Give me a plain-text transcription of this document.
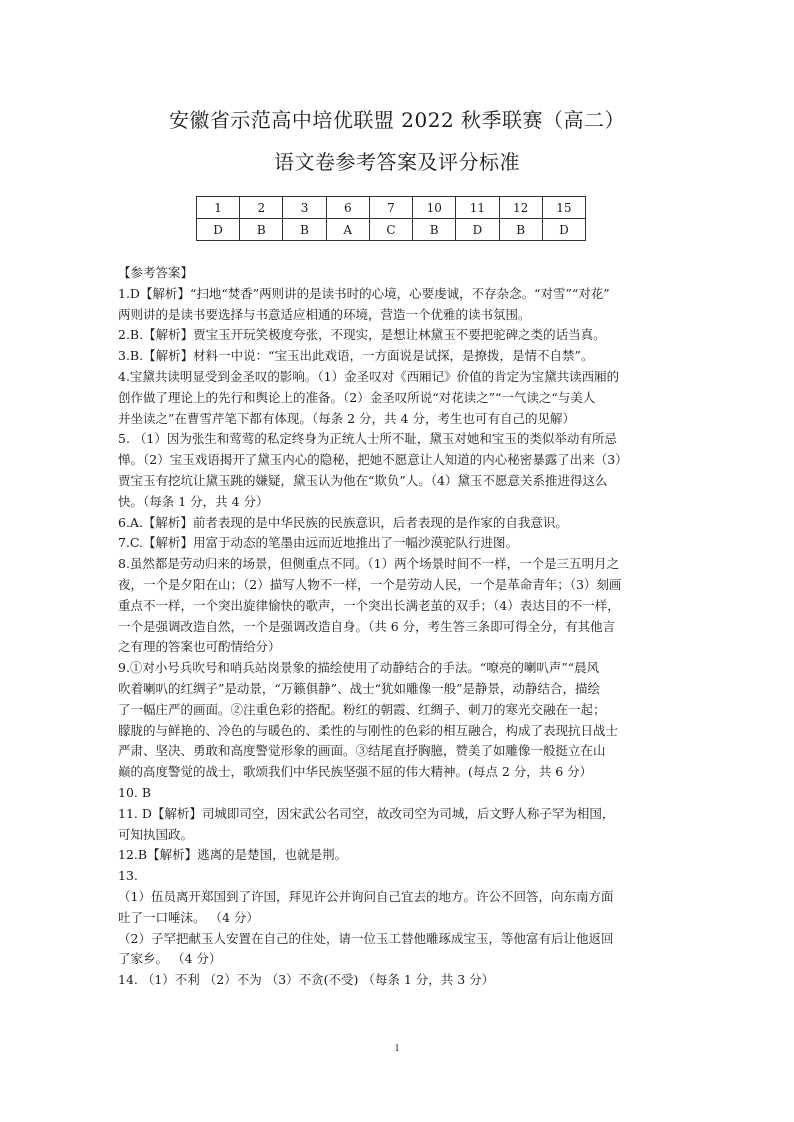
安徽省示范高中培优联盟 2022 秋季联赛（高二）
语文卷参考答案及评分标准
1	2	3	6	7	10	11	12	15
D	B	B	A	C	B	D	B	D

【参考答案】

1.D【解析】“扫地“焚香”两则讲的是读书时的心境，心要虔诚，不存杂念。“对雪”“对花”

两则讲的是读书要选择与书意适应相通的环境，营造一个优雅的读书氛围。

2.B.【解析】贾宝玉开玩笑极度夸张，不现实，是想让林黛玉不要把驼碑之类的话当真。

3.B.【解析】材料一中说：“宝玉出此戏语，一方面说是试探，是撩拨，是情不自禁”。

4.宝黛共读明显受到金圣叹的影响。（1）金圣叹对《西厢记》价值的肯定为宝黛共读西厢的

创作做了理论上的先行和舆论上的准备。（2）金圣叹所说“对花读之”“一气读之“与美人

并坐读之”在曹雪芹笔下都有体现。（每条 2 分，共 4 分，考生也可有自己的见解）

5. （1）因为张生和莺莺的私定终身为正统人士所不耻，黛玉对她和宝玉的类似举动有所忌

惮。（2）宝玉戏语揭开了黛玉内心的隐秘，把她不愿意让人知道的内心秘密暴露了出来（3）

贾宝玉有挖坑让黛玉跳的嫌疑，黛玉认为他在“欺负”人。（4）黛玉不愿意关系推进得这么

快。（每条 1 分，共 4 分）

6.A.【解析】前者表现的是中华民族的民族意识，后者表现的是作家的自我意识。

7.C.【解析】用富于动态的笔墨由远而近地推出了一幅沙漠驼队行进图。

8.虽然都是劳动归来的场景，但侧重点不同。（1）两个场景时间不一样，一个是三五明月之

夜，一个是夕阳在山；（2）描写人物不一样，一个是劳动人民，一个是革命青年；（3）刻画

重点不一样，一个突出旋律愉快的歌声，一个突出长满老茧的双手；（4）表达目的不一样，

一个是强调改造自然，一个是强调改造自身。（共 6 分，考生答三条即可得全分，有其他言

之有理的答案也可酌情给分）

9.①对小号兵吹号和哨兵站岗景象的描绘使用了动静结合的手法。“嘹亮的喇叭声”“晨风

吹着喇叭的红绸子”是动景，“万籁俱静”、战士“犹如雕像一般”是静景，动静结合，描绘

了一幅庄严的画面。②注重色彩的搭配。粉红的朝霞、红绸子、刺刀的寒光交融在一起；

朦胧的与鲜艳的、冷色的与暖色的、柔性的与刚性的色彩的相互融合，构成了表现抗日战士

严肃、坚决、勇敢和高度警觉形象的画面。③结尾直抒胸臆，赞美了如雕像一般挺立在山

巅的高度警觉的战士，歌颂我们中华民族坚强不屈的伟大精神。(每点 2 分，共 6 分）

10. B

11. D【解析】司城即司空，因宋武公名司空，故改司空为司城，后文野人称子罕为相国，

可知执国政。

12.B【解析】逃离的是楚国，也就是荆。

13.

（1）伍员离开郑国到了许国，拜见许公并询问自己宜去的地方。许公不回答，向东南方面

吐了一口唾沫。 （4 分）

（2）子罕把献玉人安置在自己的住处，请一位玉工替他雕琢成宝玉，等他富有后让他返回

了家乡。 （4 分）

14. （1）不利 （2）不为 （3）不贪(不受) （每条 1 分，共 3 分）

1
